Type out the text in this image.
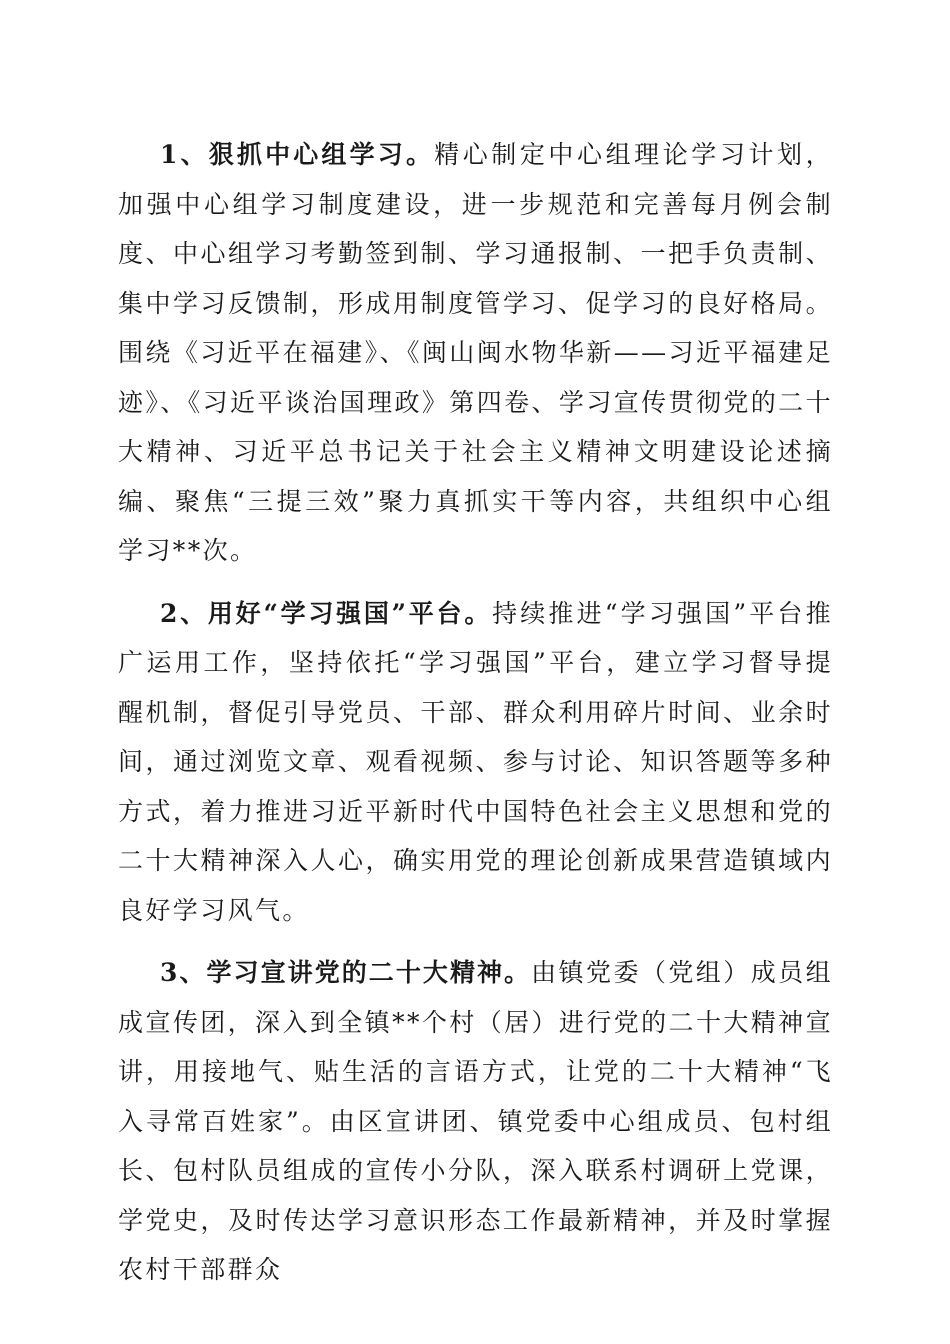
1、狠抓中心组学习。精心制定中心组理论学习计划，加强中心组学习制度建设，进一步规范和完善每月例会制度、中心组学习考勤签到制、学习通报制、一把手负责制、集中学习反馈制，形成用制度管学习、促学习的良好格局。围绕《习近平在福建》、《闽山闽水物华新——习近平福建足迹》、《习近平谈治国理政》第四卷、学习宣传贯彻党的二十大精神、习近平总书记关于社会主义精神文明建设论述摘编、聚焦“三提三效”聚力真抓实干等内容，共组织中心组学习**次。

2、用好“学习强国”平台。持续推进“学习强国”平台推广运用工作，坚持依托“学习强国”平台，建立学习督导提醒机制，督促引导党员、干部、群众利用碎片时间、业余时间，通过浏览文章、观看视频、参与讨论、知识答题等多种方式，着力推进习近平新时代中国特色社会主义思想和党的二十大精神深入人心，确实用党的理论创新成果营造镇域内良好学习风气。

3、学习宣讲党的二十大精神。由镇党委（党组）成员组成宣传团，深入到全镇**个村（居）进行党的二十大精神宣讲，用接地气、贴生活的言语方式，让党的二十大精神“飞入寻常百姓家”。由区宣讲团、镇党委中心组成员、包村组长、包村队员组成的宣传小分队，深入联系村调研上党课，学党史，及时传达学习意识形态工作最新精神，并及时掌握农村干部群众
